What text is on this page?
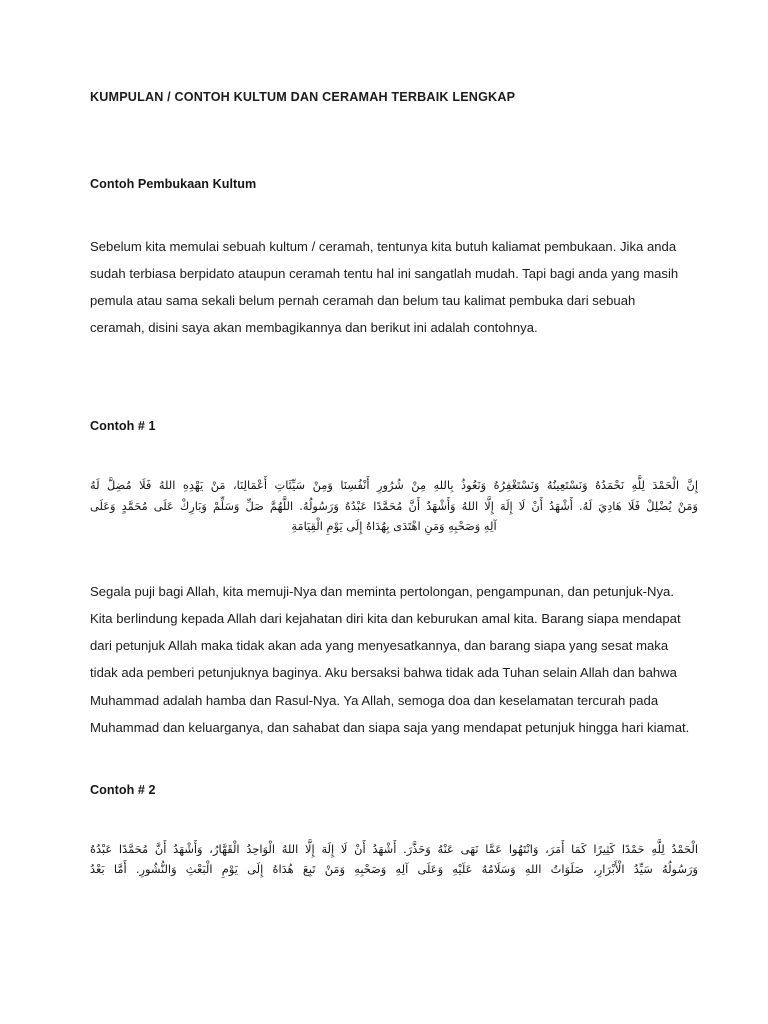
KUMPULAN / CONTOH KULTUM DAN CERAMAH TERBAIK LENGKAP
Contoh Pembukaan Kultum

Sebelum kita memulai sebuah kultum / ceramah, tentunya kita butuh kaliamat pembukaan. Jika anda sudah terbiasa berpidato ataupun ceramah tentu hal ini sangatlah mudah. Tapi bagi anda yang masih pemula atau sama sekali belum pernah ceramah dan belum tau kalimat pembuka dari sebuah ceramah, disini saya akan membagikannya dan berikut ini adalah contohnya.

Contoh # 1
إِنَّ الْحَمْدَ لِلَّهِ نَحْمَدُهُ وَنَسْتَعِينُهُ وَنَسْتَغْفِرُهُ وَنَعُوذُ بِاللهِ مِنْ شُرُورِ أَنْفُسِنَا وَمِنْ سَيِّئَاتِ أَعْمَالِنَا، مَنْ يَهْدِهِ اللهُ فَلَا مُضِلَّ لَهُ
وَمَنْ يُضْلِلْ فَلَا هَادِيَ لَهُ. أَشْهَدُ أَنْ لَا إِلَهَ إِلَّا اللهُ وَأَشْهَدُ أَنَّ مُحَمَّدًا عَبْدُهُ وَرَسُولُهُ. اللَّهُمَّ صَلِّ وَسَلِّمْ وَبَارِكْ عَلَى مُحَمَّدٍ وَعَلَى
آلِهِ وَصَحْبِهِ وَمَنِ اهْتَدَى بِهُدَاهُ إِلَى يَوْمِ الْقِيَامَةِ

Segala puji bagi Allah, kita memuji-Nya dan meminta pertolongan, pengampunan, dan petunjuk-Nya. Kita berlindung kepada Allah dari kejahatan diri kita dan keburukan amal kita. Barang siapa mendapat dari petunjuk Allah maka tidak akan ada yang menyesatkannya, dan barang siapa yang sesat maka tidak ada pemberi petunjuknya baginya. Aku bersaksi bahwa tidak ada Tuhan selain Allah dan bahwa Muhammad adalah hamba dan Rasul-Nya. Ya Allah, semoga doa dan keselamatan tercurah pada Muhammad dan keluarganya, dan sahabat dan siapa saja yang mendapat petunjuk hingga hari kiamat.

Contoh # 2
الْحَمْدُ لِلَّهِ حَمْدًا كَثِيرًا كَمَا أَمَرَ، وَانْتَهُوا عَمَّا نَهَى عَنْهُ وَحَذَّرَ. أَشْهَدُ أَنْ لَا إِلَهَ إِلَّا اللهُ الْوَاحِدُ الْقَهَّارُ، وَأَشْهَدُ أَنَّ مُحَمَّدًا عَبْدُهُ
وَرَسُولُهُ سَيِّدُ الْأَبْرَارِ، صَلَوَاتُ اللهِ وَسَلَامُهُ عَلَيْهِ وَعَلَى آلِهِ وَصَحْبِهِ وَمَنْ تَبِعَ هُدَاهُ إِلَى يَوْمِ الْبَعْثِ وَالنُّشُورِ. أَمَّا بَعْدُ
